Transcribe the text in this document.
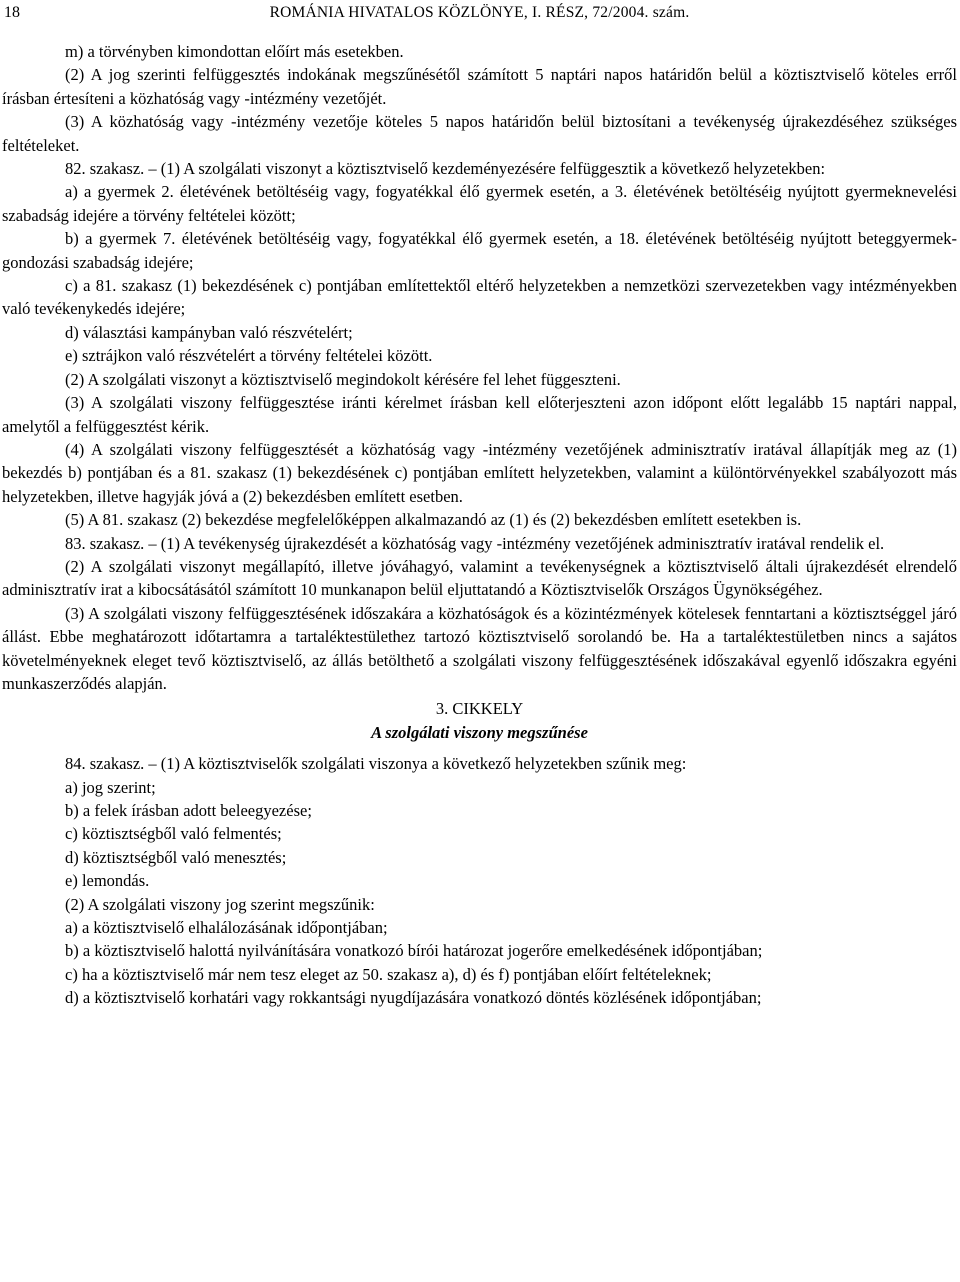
18	ROMÁNIA HIVATALOS KÖZLÖNYE, I. RÉSZ, 72/2004. szám.

m) a törvényben kimondottan előírt más esetekben.

(2) A jog szerinti felfüggesztés indokának megszűnésétől számított 5 naptári napos határidőn belül a köztisztviselő köteles erről írásban értesíteni a közhatóság vagy -intézmény vezetőjét.

(3) A közhatóság vagy -intézmény vezetője köteles 5 napos határidőn belül biztosítani a tevékenység újrakezdéséhez szükséges feltételeket.

82. szakasz. – (1) A szolgálati viszonyt a köztisztviselő kezdeményezésére felfüggesztik a következő helyzetekben:

a) a gyermek 2. életévének betöltéséig vagy, fogyatékkal élő gyermek esetén, a 3. életévének betöltéséig nyújtott gyermeknevelési szabadság idejére a törvény feltételei között;

b) a gyermek 7. életévének betöltéséig vagy, fogyatékkal élő gyermek esetén, a 18. életévének betöltéséig nyújtott beteggyermek-gondozási szabadság idejére;

c) a 81. szakasz (1) bekezdésének c) pontjában említettektől eltérő helyzetekben a nemzetközi szervezetekben vagy intézményekben való tevékenykedés idejére;

d) választási kampányban való részvételért;

e) sztrájkon való részvételért a törvény feltételei között.

(2) A szolgálati viszonyt a köztisztviselő megindokolt kérésére fel lehet függeszteni.

(3) A szolgálati viszony felfüggesztése iránti kérelmet írásban kell előterjeszteni azon időpont előtt legalább 15 naptári nappal, amelytől a felfüggesztést kérik.

(4) A szolgálati viszony felfüggesztését a közhatóság vagy -intézmény vezetőjének adminisztratív iratával állapítják meg az (1) bekezdés b) pontjában és a 81. szakasz (1) bekezdésének c) pontjában említett helyzetekben, valamint a különtörvényekkel szabályozott más helyzetekben, illetve hagyják jóvá a (2) bekezdésben említett esetben.

(5) A 81. szakasz (2) bekezdése megfelelőképpen alkalmazandó az (1) és (2) bekezdésben említett esetekben is.

83. szakasz. – (1) A tevékenység újrakezdését a közhatóság vagy -intézmény vezetőjének adminisztratív iratával rendelik el.

(2) A szolgálati viszonyt megállapító, illetve jóváhagyó, valamint a tevékenységnek a köztisztviselő általi újrakezdését elrendelő adminisztratív irat a kibocsátásától számított 10 munkanapon belül eljuttatandó a Köztisztviselők Országos Ügynökségéhez.

(3) A szolgálati viszony felfüggesztésének időszakára a közhatóságok és a közintézmények kötelesek fenntartani a köztisztséggel járó állást. Ebbe meghatározott időtartamra a tartaléktestülethez tartozó köztisztviselő sorolandó be. Ha a tartaléktestületben nincs a sajátos követelményeknek eleget tevő köztisztviselő, az állás betölthető a szolgálati viszony felfüggesztésének időszakával egyenlő időszakra egyéni munkaszerződés alapján.

3. CIKKELY
A szolgálati viszony megszűnése

84. szakasz. – (1) A köztisztviselők szolgálati viszonya a következő helyzetekben szűnik meg:

a) jog szerint;

b) a felek írásban adott beleegyezése;

c) köztisztségből való felmentés;

d) köztisztségből való menesztés;

e) lemondás.

(2) A szolgálati viszony jog szerint megszűnik:

a) a köztisztviselő elhalálozásának időpontjában;

b) a köztisztviselő halottá nyilvánítására vonatkozó bírói határozat jogerőre emelkedésének időpontjában;

c) ha a köztisztviselő már nem tesz eleget az 50. szakasz a), d) és f) pontjában előírt feltételeknek;

d) a köztisztviselő korhatári vagy rokkantsági nyugdíjazására vonatkozó döntés közlésének időpontjában;
